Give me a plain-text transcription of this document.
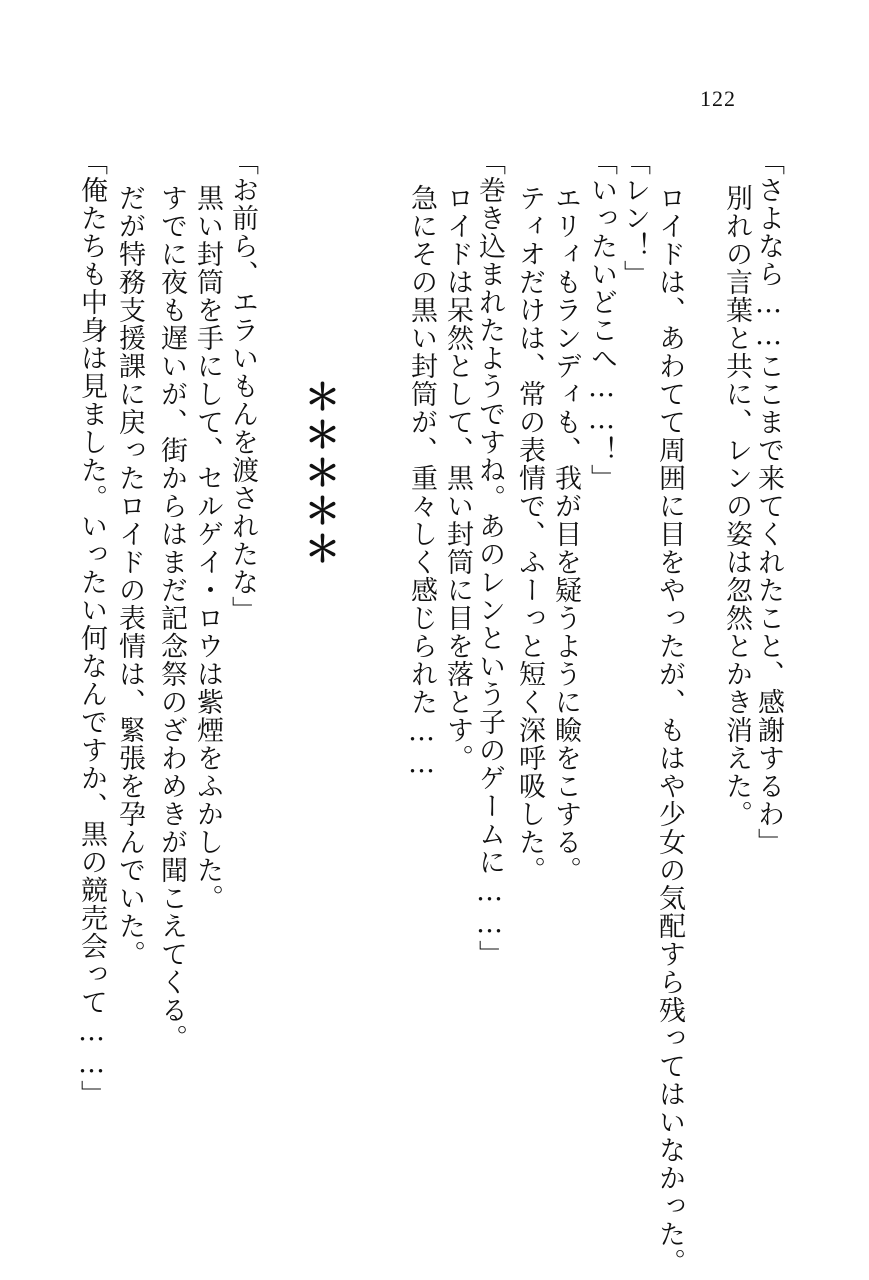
122
「さよなら……ここまで来てくれたこと、感謝するわ」
別れの言葉と共に、レンの姿は忽然とかき消えた。
ロイドは、あわてて周囲に目をやったが、もはや少女の気配すら残ってはいなかった。
「レン！」
「いったいどこへ……！」
エリィもランディも、我が目を疑うように瞼をこする。
ティオだけは、常の表情で、ふーっと短く深呼吸した。
「巻き込まれたようですね。あのレンという子のゲームに……」
ロイドは呆然として、黒い封筒に目を落とす。
急にその黒い封筒が、重々しく感じられた……
＊＊＊＊＊
「お前ら、エラいもんを渡されたな」
黒い封筒を手にして、セルゲイ・ロウは紫煙をふかした。
すでに夜も遅いが、街からはまだ記念祭のざわめきが聞こえてくる。
だが特務支援課に戻ったロイドの表情は、緊張を孕んでいた。
「俺たちも中身は見ました。いったい何なんですか、黒の競売会って……」
